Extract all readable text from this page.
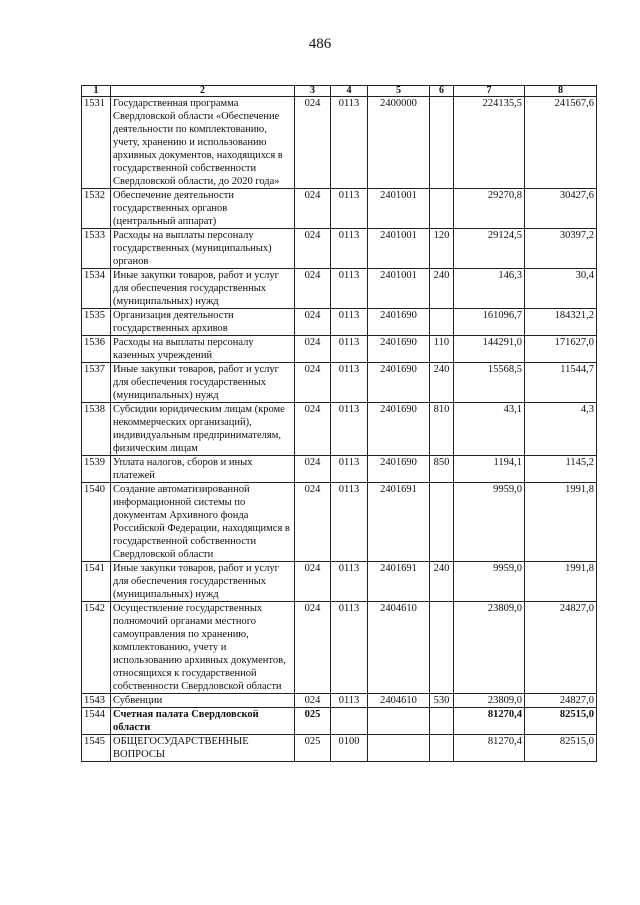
486
1	2	3	4	5	6	7	8
1531	Государственная программа Свердловской области «Обеспечение деятельности по комплектованию, учету, хранению и использованию архивных документов, находящихся в государственной собственности Свердловской области, до 2020 года»	024	0113	2400000		224135,5	241567,6
1532	Обеспечение деятельности государственных органов (центральный аппарат)	024	0113	2401001		29270,8	30427,6
1533	Расходы на выплаты персоналу государственных (муниципальных) органов	024	0113	2401001	120	29124,5	30397,2
1534	Иные закупки товаров, работ и услуг для обеспечения государственных (муниципальных) нужд	024	0113	2401001	240	146,3	30,4
1535	Организация деятельности государственных архивов	024	0113	2401690		161096,7	184321,2
1536	Расходы на выплаты персоналу казенных учреждений	024	0113	2401690	110	144291,0	171627,0
1537	Иные закупки товаров, работ и услуг для обеспечения государственных (муниципальных) нужд	024	0113	2401690	240	15568,5	11544,7
1538	Субсидии юридическим лицам (кроме некоммерческих организаций), индивидуальным предпринимателям, физическим лицам	024	0113	2401690	810	43,1	4,3
1539	Уплата налогов, сборов и иных платежей	024	0113	2401690	850	1194,1	1145,2
1540	Создание автоматизированной информационной системы по документам Архивного фонда Российской Федерации, находящимся в государственной собственности Свердловской области	024	0113	2401691		9959,0	1991,8
1541	Иные закупки товаров, работ и услуг для обеспечения государственных (муниципальных) нужд	024	0113	2401691	240	9959,0	1991,8
1542	Осуществление государственных полномочий органами местного самоуправления по хранению, комплектованию, учету и использованию архивных документов, относящихся к государственной собственности Свердловской области	024	0113	2404610		23809,0	24827,0
1543	Субвенции	024	0113	2404610	530	23809,0	24827,0
1544	Счетная палата Свердловской области	025				81270,4	82515,0
1545	ОБЩЕГОСУДАРСТВЕННЫЕ ВОПРОСЫ	025	0100			81270,4	82515,0
